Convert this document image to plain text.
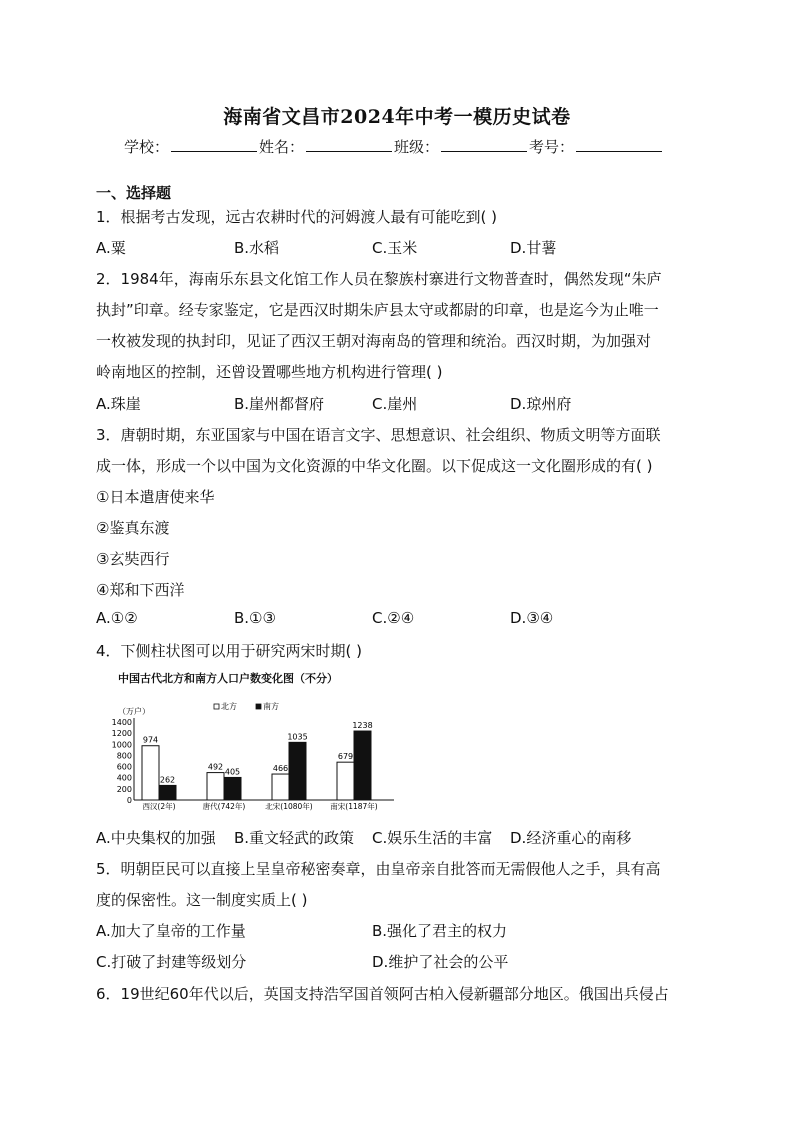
海南省文昌市2024年中考一模历史试卷
学校：	姓名：	班级：	考号：
一、选择题
1．根据考古发现，远古农耕时代的河姆渡人最有可能吃到( )
A.粟	B.水稻	C.玉米	D.甘薯
2．1984年，海南乐东县文化馆工作人员在黎族村寨进行文物普查时，偶然发现“朱庐
执封”印章。经专家鉴定，它是西汉时期朱庐县太守或都尉的印章，也是迄今为止唯一
一枚被发现的执封印，见证了西汉王朝对海南岛的管理和统治。西汉时期，为加强对
岭南地区的控制，还曾设置哪些地方机构进行管理( )
A.珠崖	B.崖州都督府	C.崖州	D.琼州府
3．唐朝时期，东亚国家与中国在语言文字、思想意识、社会组织、物质文明等方面联
成一体，形成一个以中国为文化资源的中华文化圈。以下促成这一文化圈形成的有( )
①日本遣唐使来华
②鉴真东渡
③玄奘西行
④郑和下西洋
A.①②	B.①③	C.②④	D.③④
4．下侧柱状图可以用于研究两宋时期( )
中国古代北方和南方人口户数变化图（不分）
（万户）
1400
1200
1000
800
600
400
200
0
北方	南方
974
262
西汉(2年)
492
405
唐代(742年)
466
1035
北宋(1080年)
679
1238
南宋(1187年)
A.中央集权的加强 B.重文轻武的政策 C.娱乐生活的丰富 D.经济重心的南移
5．明朝臣民可以直接上呈皇帝秘密奏章，由皇帝亲自批答而无需假他人之手，具有高
度的保密性。这一制度实质上( )
A.加大了皇帝的工作量	B.强化了君主的权力
C.打破了封建等级划分	D.维护了社会的公平
6．19世纪60年代以后，英国支持浩罕国首领阿古柏入侵新疆部分地区。俄国出兵侵占
